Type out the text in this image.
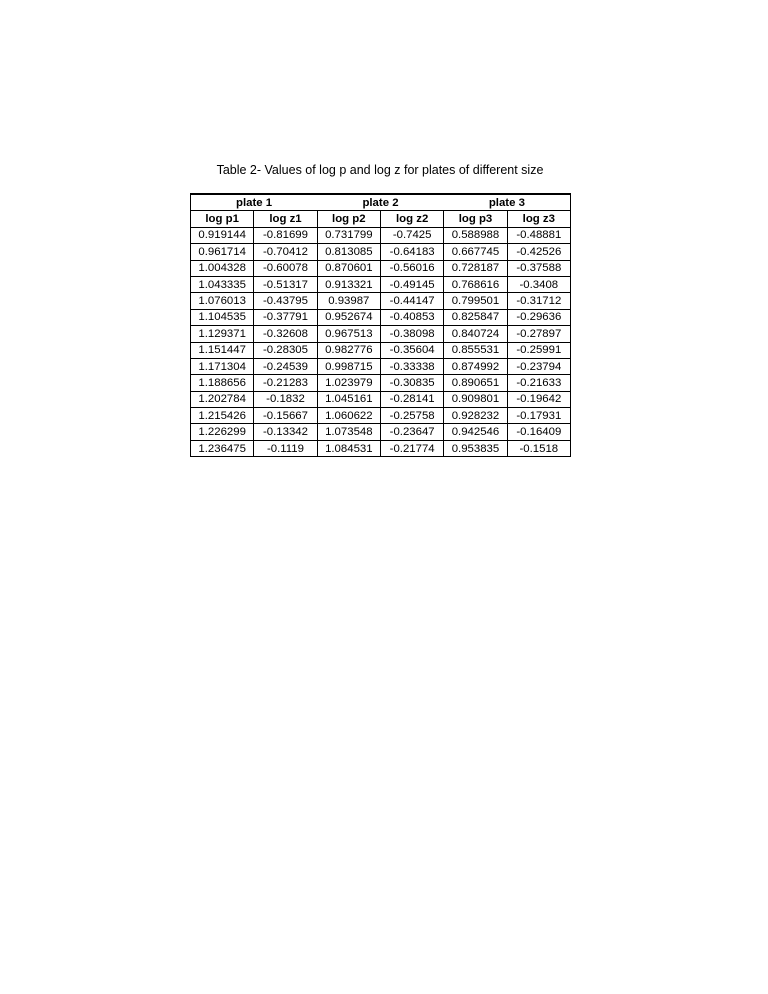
Table 2- Values of log p and log z for plates of different size
plate 1		plate 2		plate 3	
log p1	log z1	log p2	log z2	log p3	log z3
0.919144	-0.81699	0.731799	-0.7425	0.588988	-0.48881
0.961714	-0.70412	0.813085	-0.64183	0.667745	-0.42526
1.004328	-0.60078	0.870601	-0.56016	0.728187	-0.37588
1.043335	-0.51317	0.913321	-0.49145	0.768616	-0.3408
1.076013	-0.43795	0.93987	-0.44147	0.799501	-0.31712
1.104535	-0.37791	0.952674	-0.40853	0.825847	-0.29636
1.129371	-0.32608	0.967513	-0.38098	0.840724	-0.27897
1.151447	-0.28305	0.982776	-0.35604	0.855531	-0.25991
1.171304	-0.24539	0.998715	-0.33338	0.874992	-0.23794
1.188656	-0.21283	1.023979	-0.30835	0.890651	-0.21633
1.202784	-0.1832	1.045161	-0.28141	0.909801	-0.19642
1.215426	-0.15667	1.060622	-0.25758	0.928232	-0.17931
1.226299	-0.13342	1.073548	-0.23647	0.942546	-0.16409
1.236475	-0.1119	1.084531	-0.21774	0.953835	-0.1518
